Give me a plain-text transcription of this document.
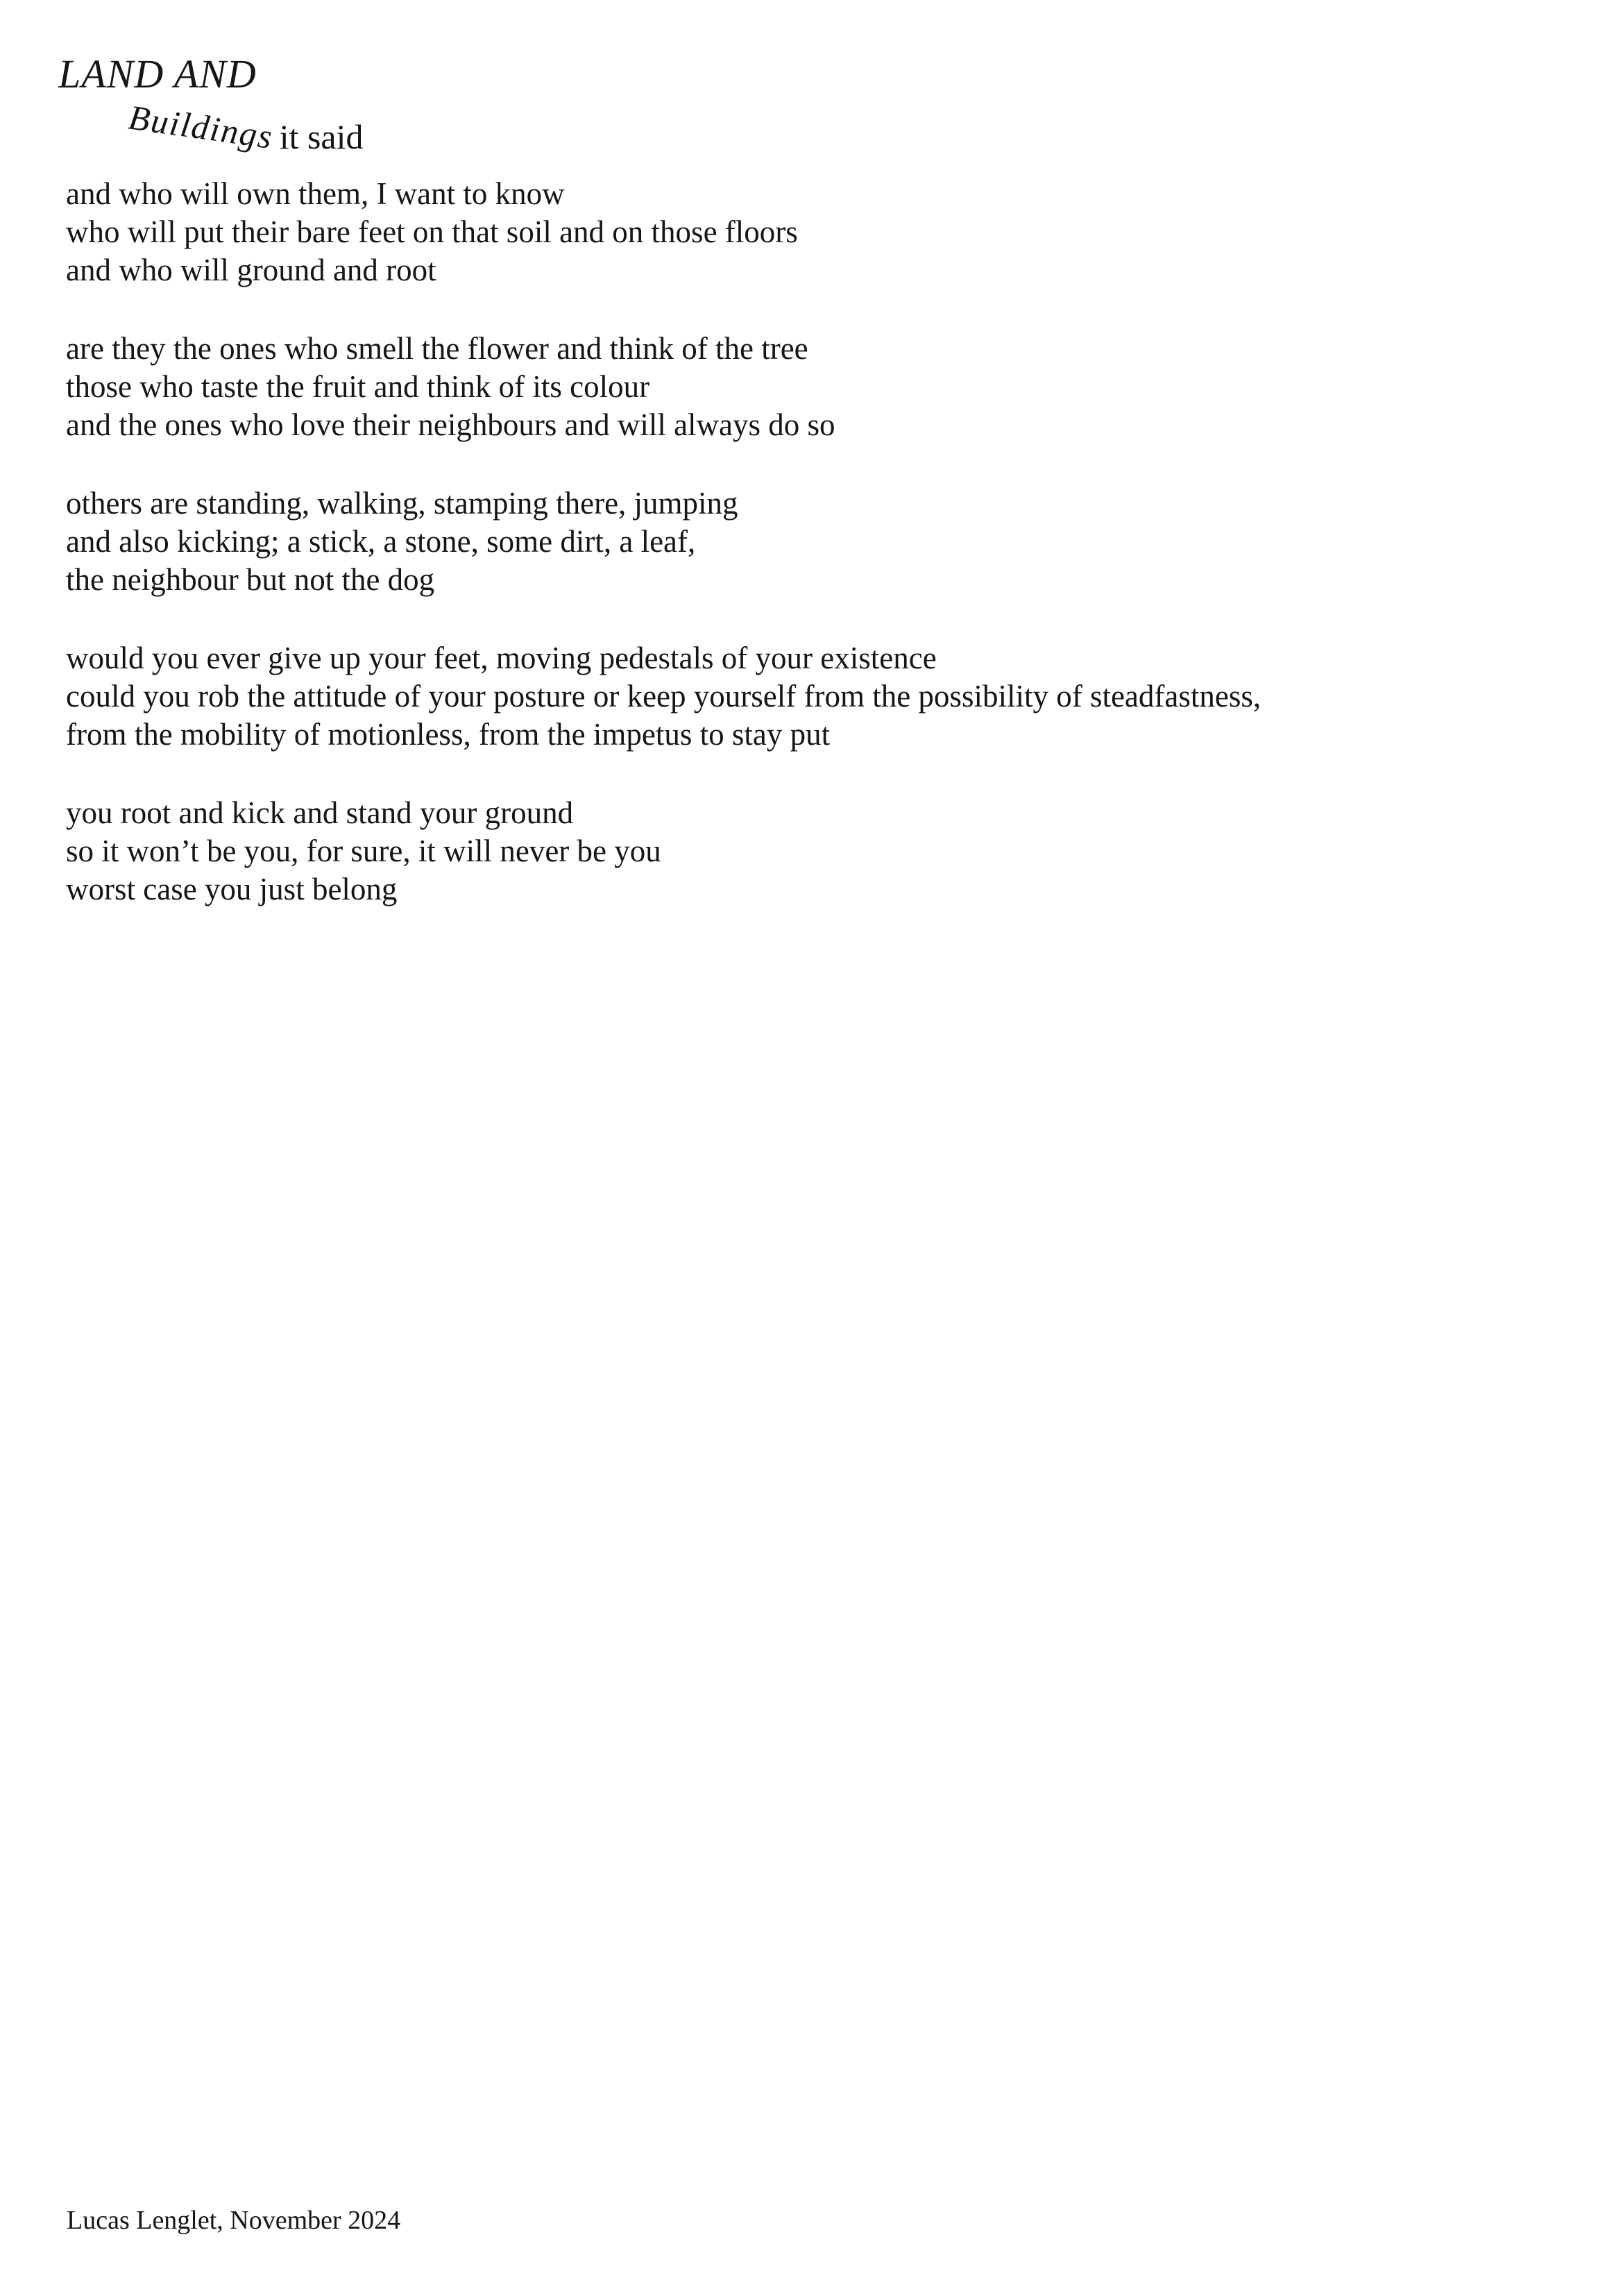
LAND AND
Buildings it said
and who will own them, I want to know
who will put their bare feet on that soil and on those floors
and who will ground and root
are they the ones who smell the flower and think of the tree
those who taste the fruit and think of its colour
and the ones who love their neighbours and will always do so
others are standing, walking, stamping there, jumping
and also kicking; a stick, a stone, some dirt, a leaf,
the neighbour but not the dog
would you ever give up your feet, moving pedestals of your existence
could you rob the attitude of your posture or keep yourself from the possibility of steadfastness,
from the mobility of motionless, from the impetus to stay put
you root and kick and stand your ground
so it won’t be you, for sure, it will never be you
worst case you just belong
Lucas Lenglet, November 2024
